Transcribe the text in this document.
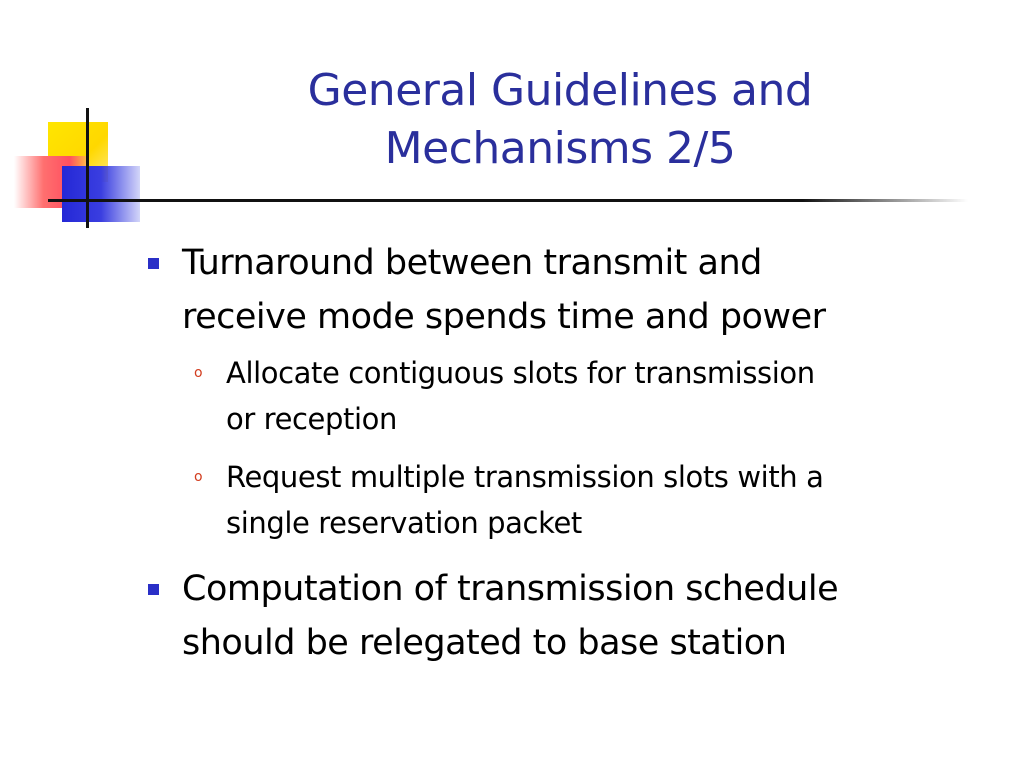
General Guidelines and
Mechanisms 2/5
Turnaround between transmit and
receive mode spends time and power
o Allocate contiguous slots for transmission
or reception
o Request multiple transmission slots with a
single reservation packet
Computation of transmission schedule
should be relegated to base station
